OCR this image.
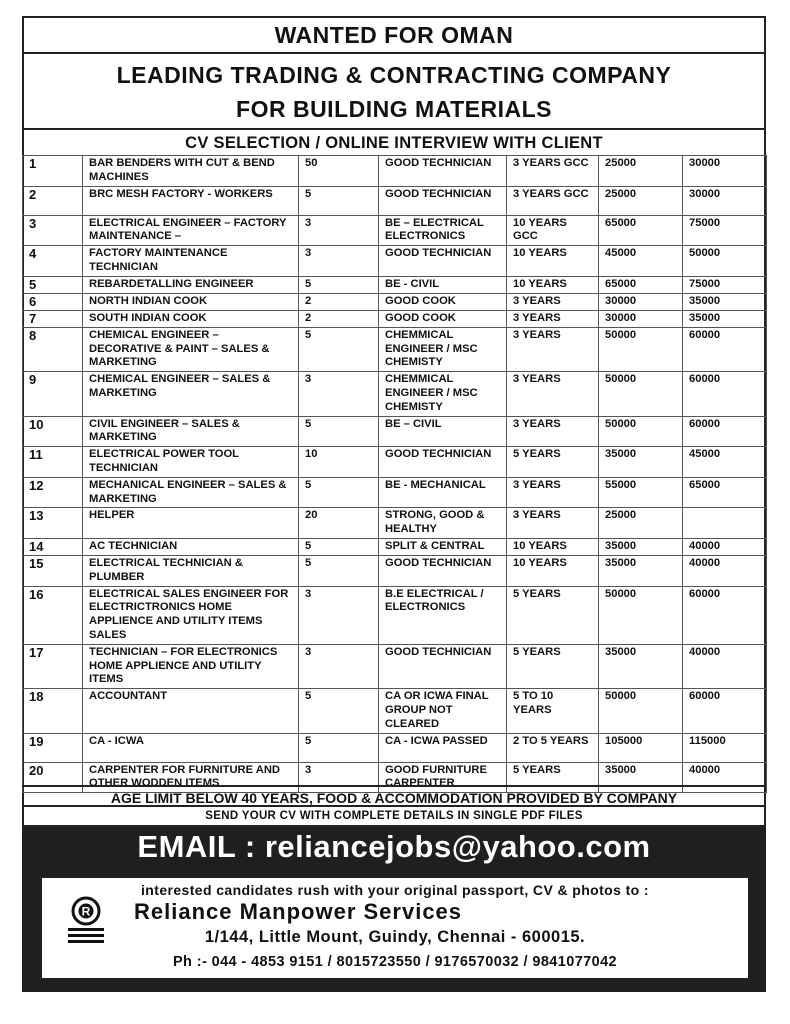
WANTED FOR OMAN
LEADING TRADING & CONTRACTING COMPANY
FOR BUILDING MATERIALS
CV SELECTION / ONLINE INTERVIEW WITH CLIENT
1	BAR BENDERS WITH CUT & BEND MACHINES	50	GOOD TECHNICIAN	3 YEARS GCC	25000	30000
2	BRC MESH FACTORY - WORKERS	5	GOOD TECHNICIAN	3 YEARS GCC	25000	30000
3	ELECTRICAL ENGINEER – FACTORY MAINTENANCE –	3	BE – ELECTRICAL ELECTRONICS	10 YEARS GCC	65000	75000
4	FACTORY MAINTENANCE TECHNICIAN	3	GOOD TECHNICIAN	10 YEARS	45000	50000
5	REBARDETALLING ENGINEER	5	BE - CIVIL	10 YEARS	65000	75000
6	NORTH INDIAN COOK	2	GOOD COOK	3 YEARS	30000	35000
7	SOUTH INDIAN COOK	2	GOOD COOK	3 YEARS	30000	35000
8	CHEMICAL ENGINEER – DECORATIVE & PAINT – SALES & MARKETING	5	CHEMMICAL ENGINEER / MSC CHEMISTY	3 YEARS	50000	60000
9	CHEMICAL ENGINEER – SALES & MARKETING	3	CHEMMICAL ENGINEER / MSC CHEMISTY	3 YEARS	50000	60000
10	CIVIL ENGINEER – SALES & MARKETING	5	BE – CIVIL	3 YEARS	50000	60000
11	ELECTRICAL POWER TOOL TECHNICIAN	10	GOOD TECHNICIAN	5 YEARS	35000	45000
12	MECHANICAL ENGINEER – SALES & MARKETING	5	BE - MECHANICAL	3 YEARS	55000	65000
13	HELPER	20	STRONG, GOOD & HEALTHY	3 YEARS	25000	
14	AC TECHNICIAN	5	SPLIT & CENTRAL	10 YEARS	35000	40000
15	ELECTRICAL TECHNICIAN & PLUMBER	5	GOOD TECHNICIAN	10 YEARS	35000	40000
16	ELECTRICAL SALES ENGINEER FOR ELECTRICTRONICS HOME APPLIENCE AND UTILITY ITEMS SALES	3	B.E ELECTRICAL / ELECTRONICS	5 YEARS	50000	60000
17	TECHNICIAN – FOR ELECTRONICS HOME APPLIENCE AND UTILITY ITEMS	3	GOOD TECHNICIAN	5 YEARS	35000	40000
18	ACCOUNTANT	5	CA OR ICWA FINAL GROUP NOT CLEARED	5 TO 10 YEARS	50000	60000
19	CA - ICWA	5	CA - ICWA PASSED	2 TO 5 YEARS	105000	115000
20	CARPENTER FOR FURNITURE AND OTHER WODDEN ITEMS	3	GOOD FURNITURE CARPENTER	5 YEARS	35000	40000
AGE LIMIT BELOW 40 YEARS, FOOD & ACCOMMODATION PROVIDED BY COMPANY
SEND YOUR CV WITH COMPLETE DETAILS IN SINGLE PDF FILES
EMAIL : reliancejobs@yahoo.com
interested candidates rush with your original passport, CV & photos to :
R	Reliance Manpower Services
1/144, Little Mount, Guindy, Chennai - 600015.
Ph :- 044 - 4853 9151 / 8015723550 / 9176570032 / 9841077042
